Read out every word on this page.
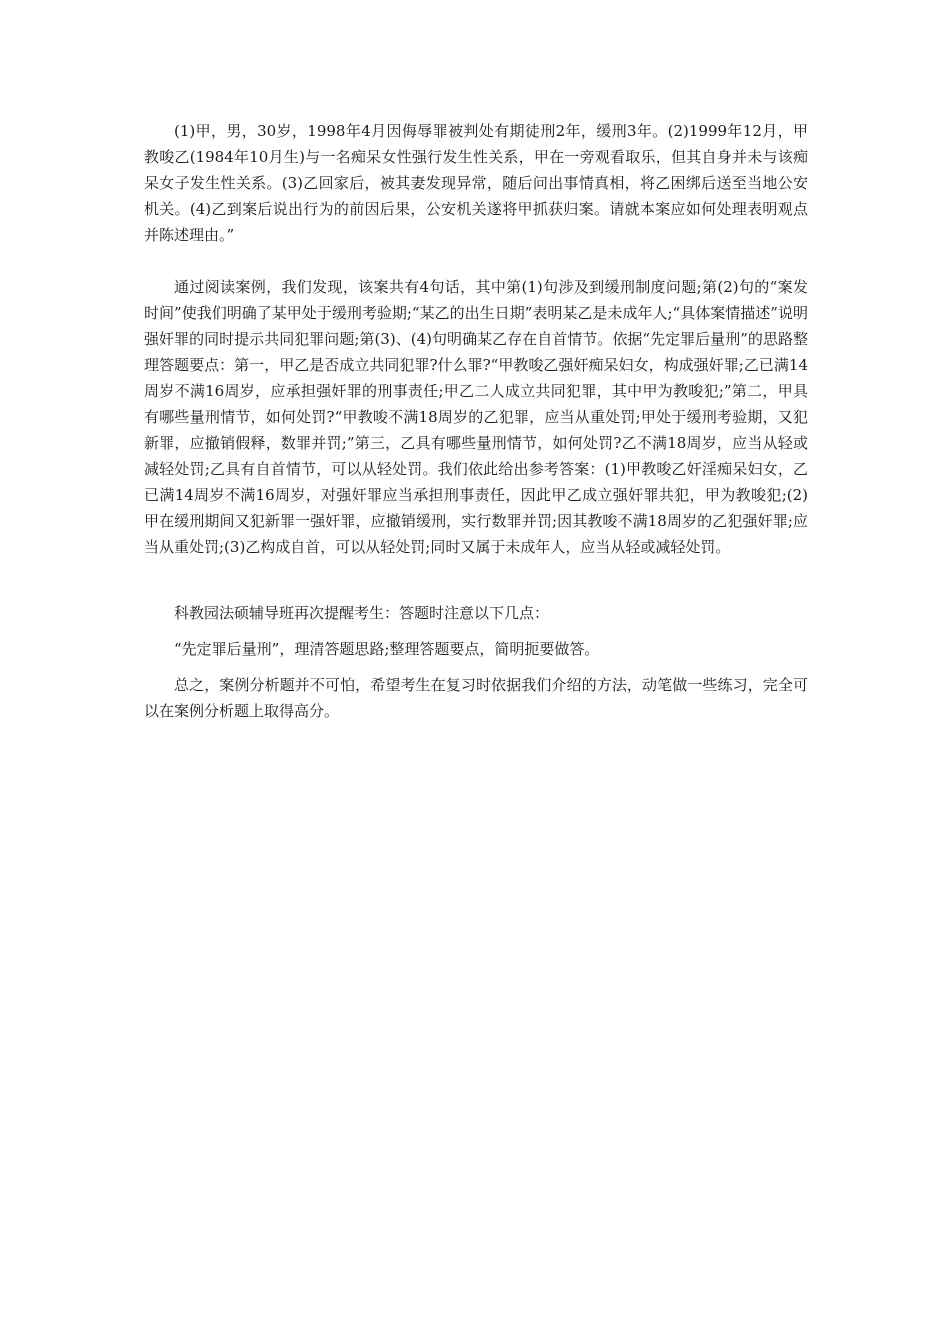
(1)甲，男，30岁，1998年4月因侮辱罪被判处有期徒刑2年，缓刑3年。(2)1999年12月，甲教唆乙(1984年10月生)与一名痴呆女性强行发生性关系，甲在一旁观看取乐，但其自身并未与该痴呆女子发生性关系。(3)乙回家后，被其妻发现异常，随后问出事情真相，将乙困绑后送至当地公安机关。(4)乙到案后说出行为的前因后果，公安机关遂将甲抓获归案。请就本案应如何处理表明观点并陈述理由。”

通过阅读案例，我们发现，该案共有4句话，其中第(1)句涉及到缓刑制度问题;第(2)句的“案发时间”使我们明确了某甲处于缓刑考验期;“某乙的出生日期”表明某乙是未成年人;“具体案情描述”说明强奸罪的同时提示共同犯罪问题;第(3)、(4)句明确某乙存在自首情节。依据“先定罪后量刑”的思路整理答题要点：第一，甲乙是否成立共同犯罪?什么罪?“甲教唆乙强奸痴呆妇女，构成强奸罪;乙已满14周岁不满16周岁，应承担强奸罪的刑事责任;甲乙二人成立共同犯罪，其中甲为教唆犯;”第二，甲具有哪些量刑情节，如何处罚?“甲教唆不满18周岁的乙犯罪，应当从重处罚;甲处于缓刑考验期，又犯新罪，应撤销假释，数罪并罚;”第三，乙具有哪些量刑情节，如何处罚?乙不满18周岁，应当从轻或减轻处罚;乙具有自首情节，可以从轻处罚。我们依此给出参考答案：(1)甲教唆乙奸淫痴呆妇女，乙已满14周岁不满16周岁，对强奸罪应当承担刑事责任，因此甲乙成立强奸罪共犯，甲为教唆犯;(2)甲在缓刑期间又犯新罪一强奸罪，应撤销缓刑，实行数罪并罚;因其教唆不满18周岁的乙犯强奸罪;应当从重处罚;(3)乙构成自首，可以从轻处罚;同时又属于未成年人，应当从轻或减轻处罚。

科教园法硕辅导班再次提醒考生：答题时注意以下几点：

“先定罪后量刑”，理清答题思路;整理答题要点，简明扼要做答。

总之，案例分析题并不可怕，希望考生在复习时依据我们介绍的方法，动笔做一些练习，完全可以在案例分析题上取得高分。
